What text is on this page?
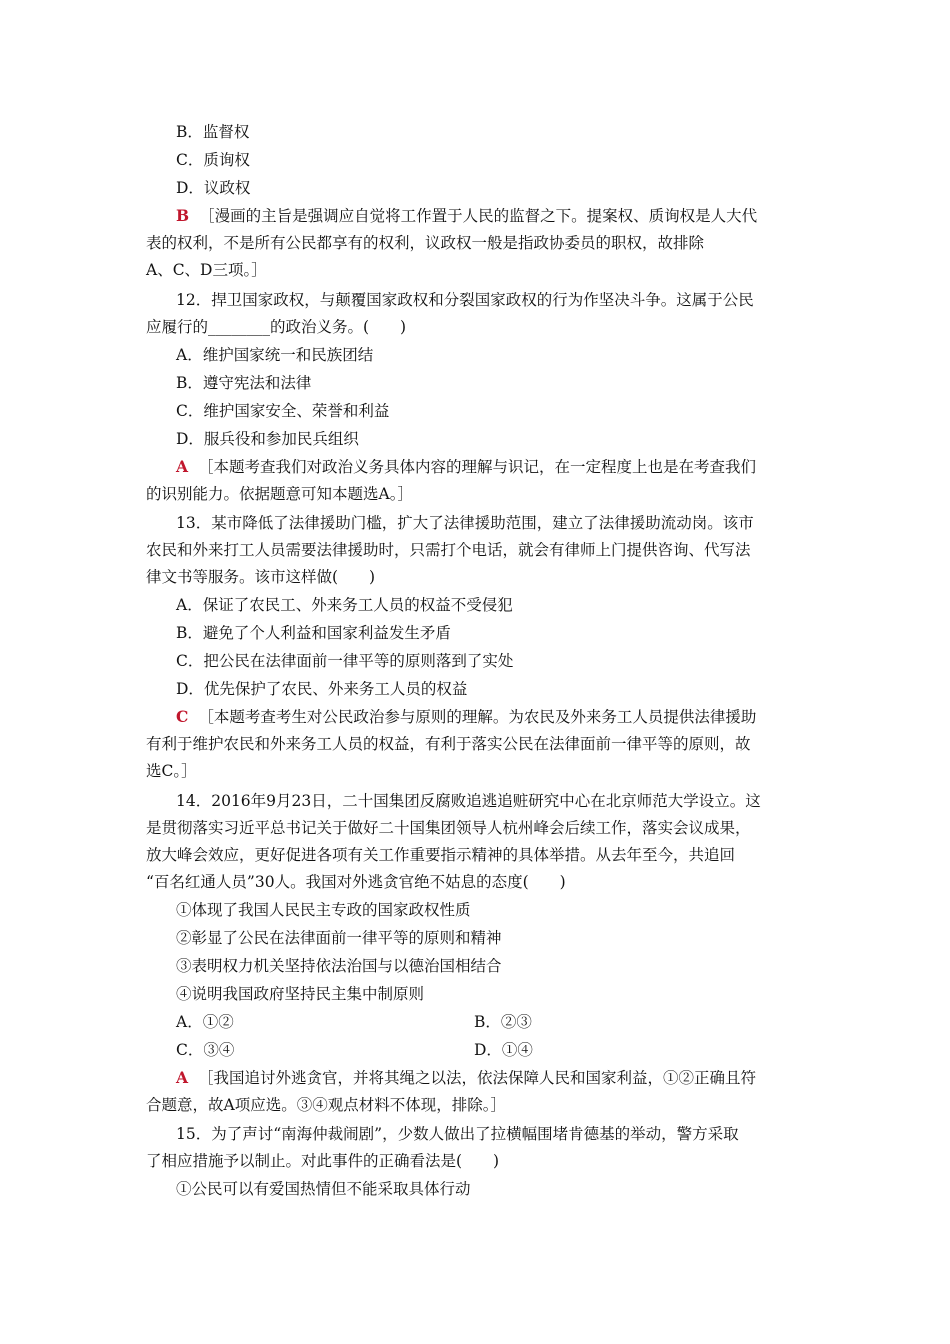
B．监督权
C．质询权
D．议政权
B ［漫画的主旨是强调应自觉将工作置于人民的监督之下。提案权、质询权是人大代
表的权利，不是所有公民都享有的权利，议政权一般是指政协委员的职权，故排除
A、C、D三项。］
12．捍卫国家政权，与颠覆国家政权和分裂国家政权的行为作坚决斗争。这属于公民
应履行的________的政治义务。(　　)
A．维护国家统一和民族团结
B．遵守宪法和法律
C．维护国家安全、荣誉和利益
D．服兵役和参加民兵组织
A ［本题考查我们对政治义务具体内容的理解与识记，在一定程度上也是在考查我们
的识别能力。依据题意可知本题选A。］
13．某市降低了法律援助门槛，扩大了法律援助范围，建立了法律援助流动岗。该市
农民和外来打工人员需要法律援助时，只需打个电话，就会有律师上门提供咨询、代写法
律文书等服务。该市这样做(　　)
A．保证了农民工、外来务工人员的权益不受侵犯
B．避免了个人利益和国家利益发生矛盾
C．把公民在法律面前一律平等的原则落到了实处
D．优先保护了农民、外来务工人员的权益
C ［本题考查考生对公民政治参与原则的理解。为农民及外来务工人员提供法律援助
有利于维护农民和外来务工人员的权益，有利于落实公民在法律面前一律平等的原则，故
选C。］
14．2016年9月23日，二十国集团反腐败追逃追赃研究中心在北京师范大学设立。这
是贯彻落实习近平总书记关于做好二十国集团领导人杭州峰会后续工作，落实会议成果，
放大峰会效应，更好促进各项有关工作重要指示精神的具体举措。从去年至今，共追回
“百名红通人员”30人。我国对外逃贪官绝不姑息的态度(　　)
①体现了我国人民民主专政的国家政权性质
②彰显了公民在法律面前一律平等的原则和精神
③表明权力机关坚持依法治国与以德治国相结合
④说明我国政府坚持民主集中制原则
A．①②	B．②③
C．③④	D．①④
A ［我国追讨外逃贪官，并将其绳之以法，依法保障人民和国家利益，①②正确且符
合题意，故A项应选。③④观点材料不体现，排除。］
15．为了声讨“南海仲裁闹剧”，少数人做出了拉横幅围堵肯德基的举动，警方采取
了相应措施予以制止。对此事件的正确看法是(　　)
①公民可以有爱国热情但不能采取具体行动
